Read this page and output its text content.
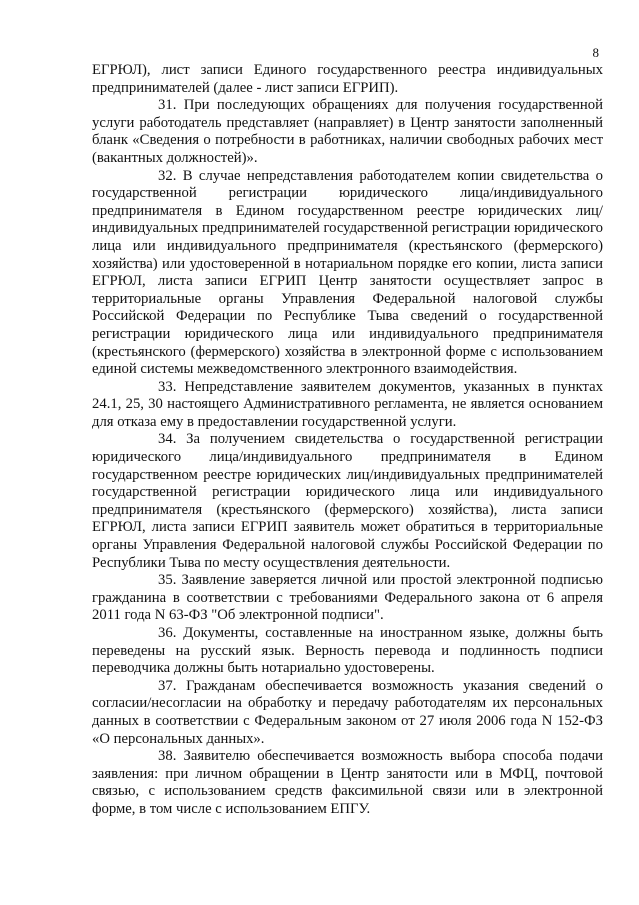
8

ЕГРЮЛ), лист записи Единого государственного реестра индивидуальных предпринимателей (далее - лист записи ЕГРИП).

31. При последующих обращениях для получения государственной услуги работодатель представляет (направляет) в Центр занятости заполненный бланк «Сведения о потребности в работниках, наличии свободных рабочих мест (вакантных должностей)».

32. В случае непредставления работодателем копии свидетельства о государственной регистрации юридического лица/индивидуального предпринимателя в Едином государственном реестре юридических лиц/индивидуальных предпринимателей государственной регистрации юридического лица или индивидуального предпринимателя (крестьянского (фермерского) хозяйства) или удостоверенной в нотариальном порядке его копии, листа записи ЕГРЮЛ, листа записи ЕГРИП Центр занятости осуществляет запрос в территориальные органы Управления Федеральной налоговой службы Российской Федерации по Республике Тыва сведений о государственной регистрации юридического лица или индивидуального предпринимателя (крестьянского (фермерского) хозяйства в электронной форме с использованием единой системы межведомственного электронного взаимодействия.

33. Непредставление заявителем документов, указанных в пунктах 24.1, 25, 30 настоящего Административного регламента, не является основанием для отказа ему в предоставлении государственной услуги.

34. За получением свидетельства о государственной регистрации юридического лица/индивидуального предпринимателя в Едином государственном реестре юридических лиц/индивидуальных предпринимателей государственной регистрации юридического лица или индивидуального предпринимателя (крестьянского (фермерского) хозяйства), листа записи ЕГРЮЛ, листа записи ЕГРИП заявитель может обратиться в территориальные органы Управления Федеральной налоговой службы Российской Федерации по Республики Тыва по месту осуществления деятельности.

35. Заявление заверяется личной или простой электронной подписью гражданина в соответствии с требованиями Федерального закона от 6 апреля 2011 года N 63-ФЗ "Об электронной подписи".

36. Документы, составленные на иностранном языке, должны быть переведены на русский язык. Верность перевода и подлинность подписи переводчика должны быть нотариально удостоверены.

37. Гражданам обеспечивается возможность указания сведений о согласии/несогласии на обработку и передачу работодателям их персональных данных в соответствии с Федеральным законом от 27 июля 2006 года N 152-ФЗ «О персональных данных».

38. Заявителю обеспечивается возможность выбора способа подачи заявления: при личном обращении в Центр занятости или в МФЦ, почтовой связью, с использованием средств факсимильной связи или в электронной форме, в том числе с использованием ЕПГУ.
